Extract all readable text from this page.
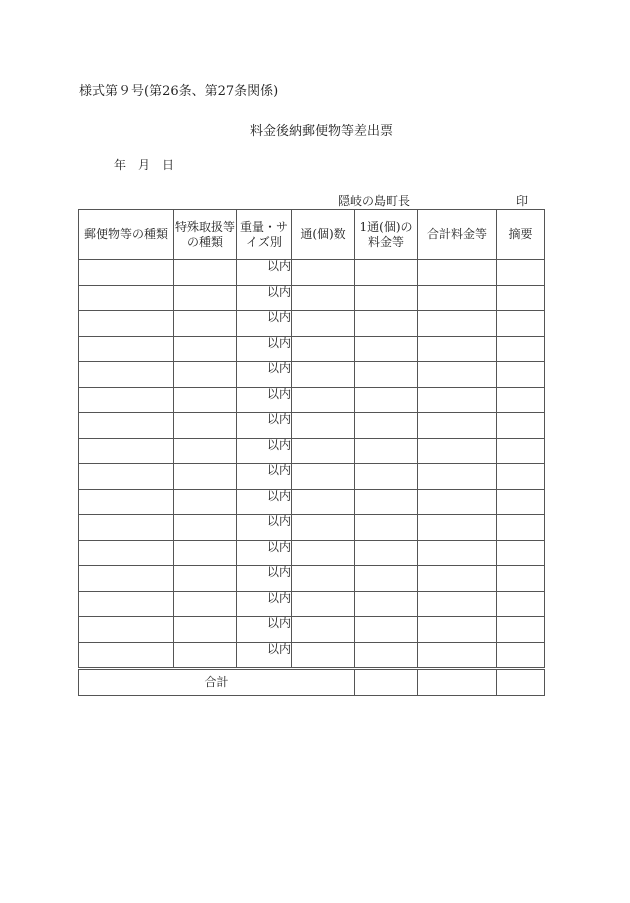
様式第９号(第26条、第27条関係)
料金後納郵便物等差出票
年　月　日
隠岐の島町長	印
郵便物等の種類	特殊取扱等の種類	重量・サイズ別	通(個)数	1通(個)の料金等	合計料金等	摘要
		以内				
		以内				
		以内				
		以内				
		以内				
		以内				
		以内				
		以内				
		以内				
		以内				
		以内				
		以内				
		以内				
		以内				
		以内				
		以内				
合計						
